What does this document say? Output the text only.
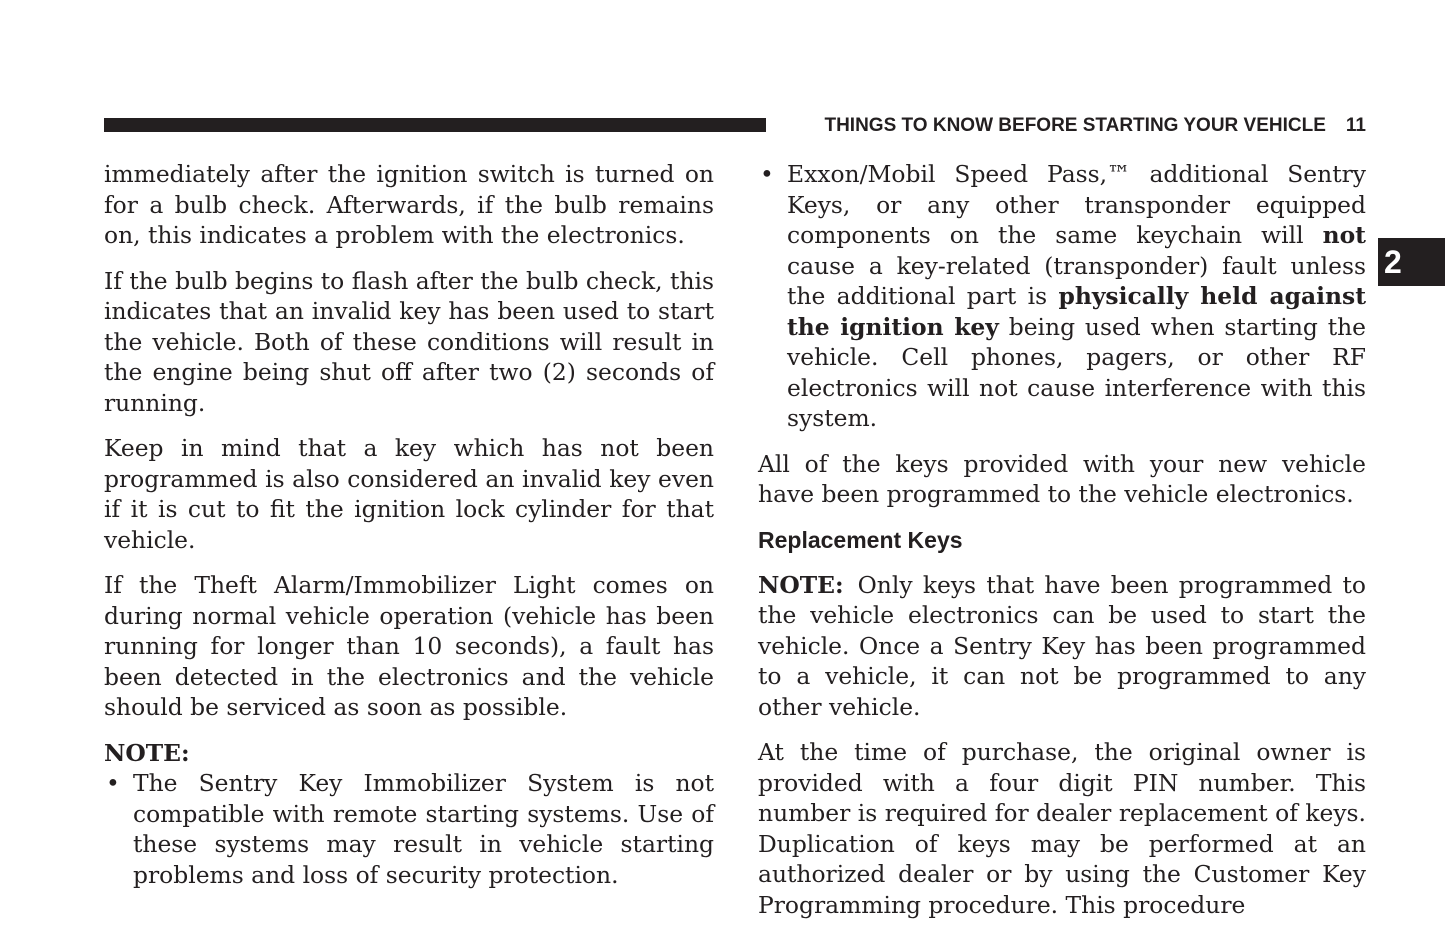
THINGS TO KNOW BEFORE STARTING YOUR VEHICLE 11
2

immediately after the ignition switch is turned on for a bulb check. Afterwards, if the bulb remains on, this indicates a problem with the electronics.

If the bulb begins to flash after the bulb check, this indicates that an invalid key has been used to start the vehicle. Both of these conditions will result in the engine being shut off after two (2) seconds of running.

Keep in mind that a key which has not been programmed is also considered an invalid key even if it is cut to fit the ignition lock cylinder for that vehicle.

If the Theft Alarm/Immobilizer Light comes on during normal vehicle operation (vehicle has been running for longer than 10 seconds), a fault has been detected in the electronics and the vehicle should be serviced as soon as possible.

NOTE:

• The Sentry Key Immobilizer System is not compatible with remote starting systems. Use of these systems may result in vehicle starting problems and loss of security protection.
• Exxon/Mobil Speed Pass,™ additional Sentry Keys, or any other transponder equipped components on the same keychain will not cause a key-related (transponder) fault unless the additional part is physically held against the ignition key being used when starting the vehicle. Cell phones, pagers, or other RF electronics will not cause interference with this system.

All of the keys provided with your new vehicle have been programmed to the vehicle electronics.

Replacement Keys

NOTE: Only keys that have been programmed to the vehicle electronics can be used to start the vehicle. Once a Sentry Key has been programmed to a vehicle, it can not be programmed to any other vehicle.

At the time of purchase, the original owner is provided with a four digit PIN number. This number is required for dealer replacement of keys. Duplication of keys may be performed at an authorized dealer or by using the Customer Key Programming procedure. This procedure
